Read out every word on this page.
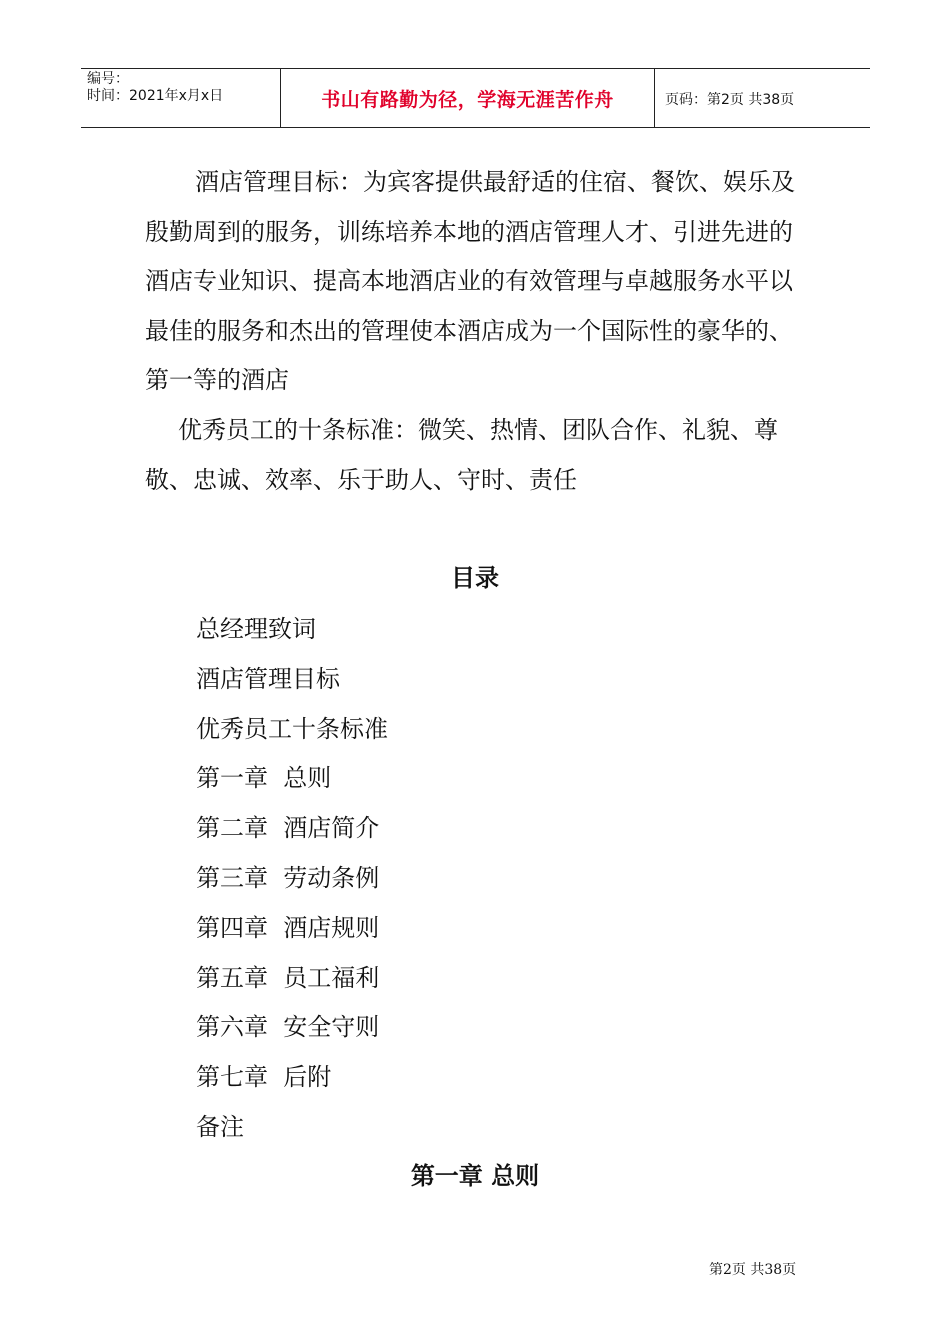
编号：
时间：2021年x月x日	书山有路勤为径，学海无涯苦作舟	页码：第2页 共38页

酒店管理目标：为宾客提供最舒适的住宿、餐饮、娱乐及殷勤周到的服务，训练培养本地的酒店管理人才、引进先进的酒店专业知识、提高本地酒店业的有效管理与卓越服务水平以最佳的服务和杰出的管理使本酒店成为一个国际性的豪华的、第一等的酒店

优秀员工的十条标准：微笑、热情、团队合作、礼貌、尊敬、忠诚、效率、乐于助人、守时、责任

目录
总经理致词
酒店管理目标
优秀员工十条标准
第一章  总则
第二章  酒店简介
第三章  劳动条例
第四章  酒店规则
第五章  员工福利
第六章  安全守则
第七章  后附
备注
第一章 总则
第2页 共38页
